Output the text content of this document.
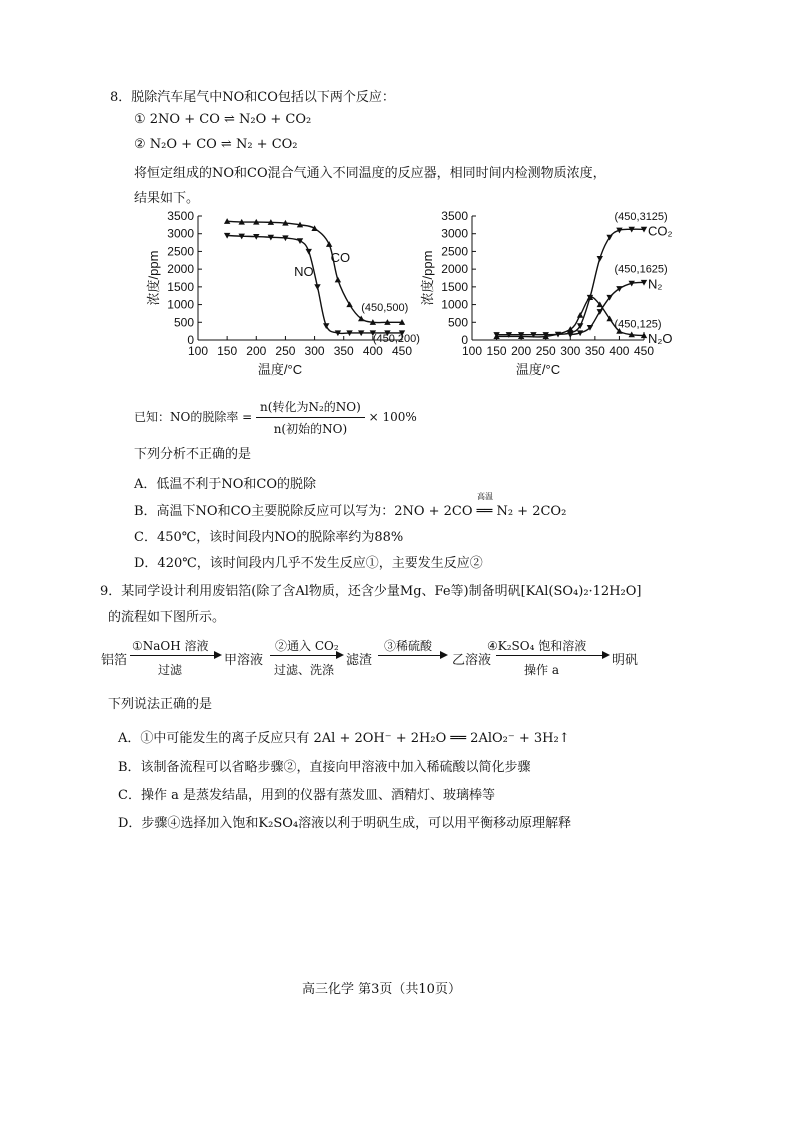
8．脱除汽车尾气中NO和CO包括以下两个反应：
① 2NO + CO ⇌ N₂O + CO₂
② N₂O + CO ⇌ N₂ + CO₂
将恒定组成的NO和CO混合气通入不同温度的反应器，相同时间内检测物质浓度，
结果如下。
0
500
1000
1500
2000
2500
3000
3500
100 150 200 250 300 350 400 450
温度/°C
浓度/ppm	CO
NO
(450,500)
(450,200)	0
500
1000
1500
2000
2500
3000
3500
100 150 200 250 300 350 400 450
温度/°C
浓度/ppm
CO₂
N₂
N₂O
(450,3125)
(450,1625)
(450,125)
已知：NO的脱除率 = $\frac{\text{n(转化为N₂的NO)}}{\text{n(初始的NO)}} \times 100\%$
下列分析不正确的是
A．低温不利于NO和CO的脱除
B．高温下NO和CO主要脱除反应可以写为：2NO + 2CO ══ N₂ + 2CO₂
高温
C．450℃，该时间段内NO的脱除率约为88%
D．420℃，该时间段内几乎不发生反应①，主要发生反应②
9．某同学设计利用废铝箔(除了含Al物质，还含少量Mg、Fe等)制备明矾[KAl(SO₄)₂·12H₂O]
的流程如下图所示。
铝箔
①NaOH 溶液
过滤
甲溶液
②通入 CO₂
过滤、洗涤
滤渣
③稀硫酸
乙溶液
④K₂SO₄ 饱和溶液
操作 a
明矾
下列说法正确的是
A．①中可能发生的离子反应只有 2Al + 2OH⁻ + 2H₂O ══ 2AlO₂⁻ + 3H₂↑
B．该制备流程可以省略步骤②，直接向甲溶液中加入稀硫酸以简化步骤
C．操作 a 是蒸发结晶，用到的仪器有蒸发皿、酒精灯、玻璃棒等
D．步骤④选择加入饱和K₂SO₄溶液以利于明矾生成，可以用平衡移动原理解释
高三化学 第3页（共10页）
